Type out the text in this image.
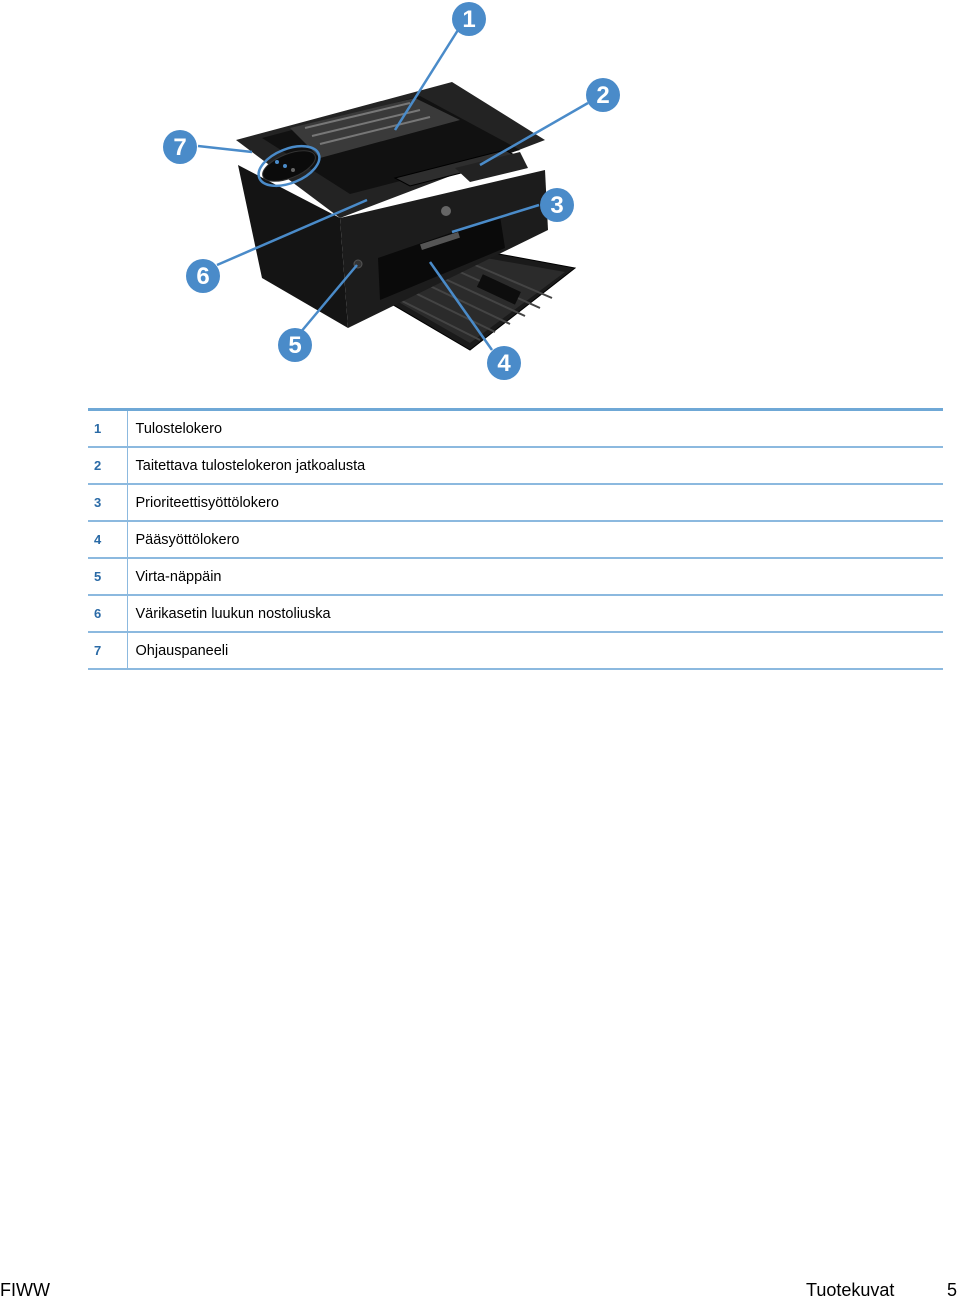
1
2
3
4
5
6
7
1	Tulostelokero
2	Taitettava tulostelokeron jatkoalusta
3	Prioriteettisyöttölokero
4	Pääsyöttölokero
5	Virta-näppäin
6	Värikasetin luukun nostoliuska
7	Ohjauspaneeli
FIWW	Tuotekuvat	5
